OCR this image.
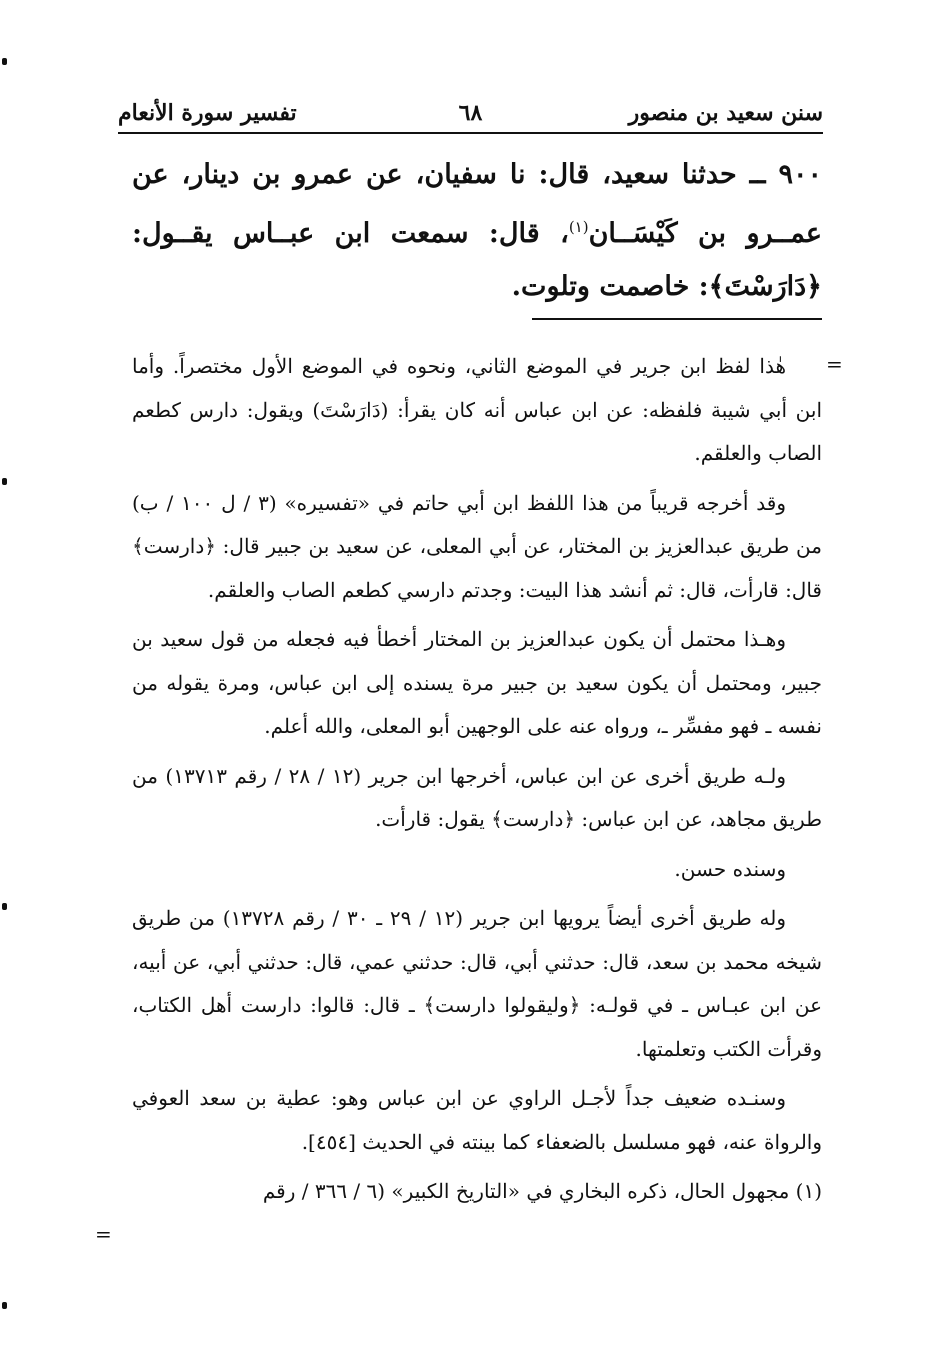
سنن سعيد بن منصور
٦٨
تفسير سورة الأنعام
٩٠٠ ــ حدثنا سعيد، قال: نا سفيان، عن عمرو بن دينار، عن عمــرو بن كَيْسَــان$^{(١)}$، قال: سمعت ابن عبــاس يقــول: ﴿دَارَسْتَ﴾: خاصمت وتلوت.
=

هٰذا لفظ ابن جرير في الموضع الثاني، ونحوه في الموضع الأول مختصراً. وأما ابن أبي شيبة فلفظه: عن ابن عباس أنه كان يقرأ: (دَارَسْتَ) ويقول: دارس كطعم الصاب والعلقم.

وقد أخرجه قريباً من هذا اللفظ ابن أبي حاتم في «تفسيره» (٣ / ل ١٠٠ / ب) من طريق عبدالعزيز بن المختار، عن أبي المعلى، عن سعيد بن جبير قال: ﴿دارست﴾ قال: قارأت، قال: ثم أنشد هذا البيت: وجدتم دارسي كطعم الصاب والعلقم.

وهـذا محتمل أن يكون عبدالعزيز بن المختار أخطأ فيه فجعله من قول سعيد بن جبير، ومحتمل أن يكون سعيد بن جبير مرة يسنده إلى ابن عباس، ومرة يقوله من نفسه ـ فهو مفسِّر ـ، ورواه عنه على الوجهين أبو المعلى، والله أعلم.

ولـه طريق أخرى عن ابن عباس، أخرجها ابن جرير (١٢ / ٢٨ / رقم ١٣٧١٣) من طريق مجاهد، عن ابن عباس: ﴿دارست﴾ يقول: قارأت.

وسنده حسن.

وله طريق أخرى أيضاً يرويها ابن جرير (١٢ / ٢٩ ـ ٣٠ / رقم ١٣٧٢٨) من طريق شيخه محمد بن سعد، قال: حدثني أبي، قال: حدثني عمي، قال: حدثني أبي، عن أبيه، عن ابن عبـاس ـ في قولـه: ﴿وليقولوا دارست﴾ ـ قال: قالوا: دارست أهل الكتاب، وقرأت الكتب وتعلمتها.

وسنـده ضعيف جداً لأجـل الراوي عن ابن عباس وهو: عطية بن سعد العوفي والرواة عنه، فهو مسلسل بالضعفاء كما بينته في الحديث [٤٥٤].

(١) مجهول الحال، ذكره البخاري في «التاريخ الكبير» (٦ / ٣٦٦ / رقم

=
